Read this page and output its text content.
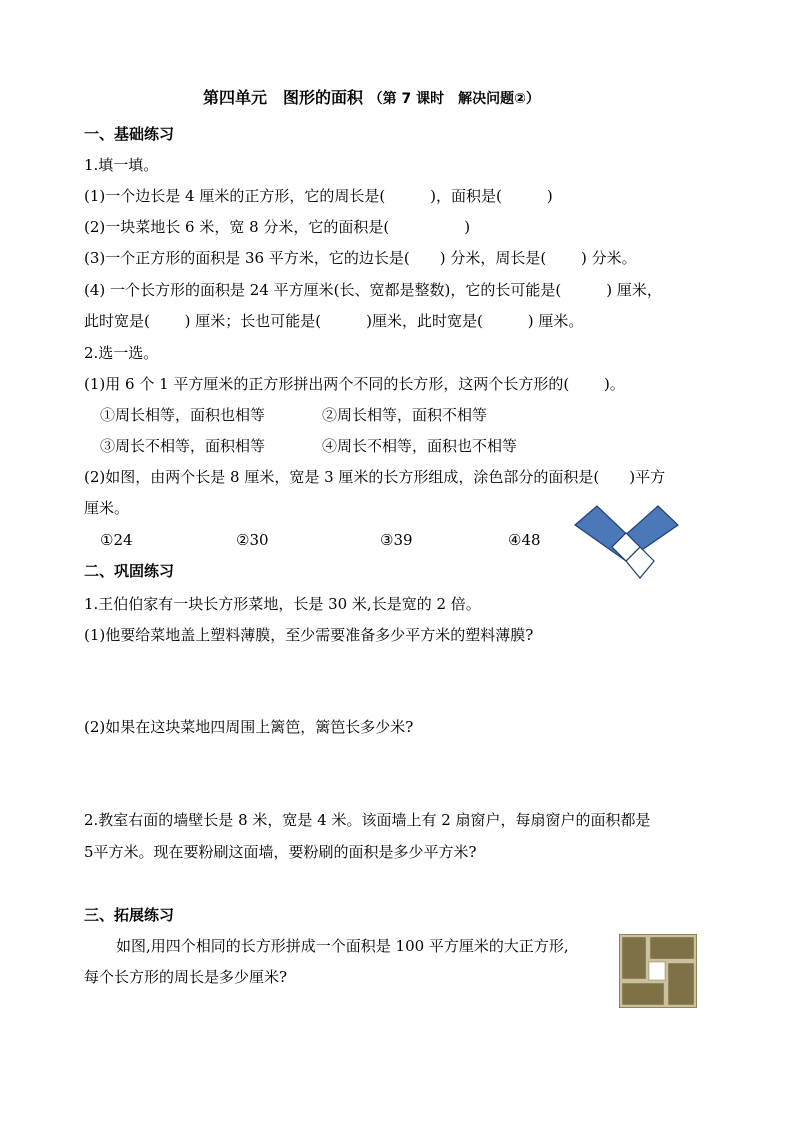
第四单元　图形的面积 （第 7 课时　解决问题②）
一、基础练习
1.填一填。
(1)一个边长是 4 厘米的正方形，它的周长是(　　　)，面积是(　　　)
(2)一块菜地长 6 米，宽 8 分米，它的面积是(　　　　　)
(3)一个正方形的面积是 36 平方米，它的边长是(　　) 分米，周长是(　　 ) 分米。
(4) 一个长方形的面积是 24 平方厘米(长、宽都是整数)，它的长可能是(　　　) 厘米，
此时宽是(　　 ) 厘米；长也可能是(　　　)厘米，此时宽是(　　　) 厘米。
2.选一选。
(1)用 6 个 1 平方厘米的正方形拼出两个不同的长方形，这两个长方形的(　　 )。
①周长相等，面积也相等	②周长相等，面积不相等
③周长不相等，面积相等	④周长不相等，面积也不相等
(2)如图，由两个长是 8 厘米，宽是 3 厘米的长方形组成，涂色部分的面积是(　　)平方
厘米。
①24	②30	③39	④48
二、巩固练习
1.王伯伯家有一块长方形菜地，长是 30 米,长是宽的 2 倍。
(1)他要给菜地盖上塑料薄膜，至少需要准备多少平方米的塑料薄膜?
(2)如果在这块菜地四周围上篱笆，篱笆长多少米?
2.教室右面的墙壁长是 8 米，宽是 4 米。该面墙上有 2 扇窗户，每扇窗户的面积都是
5平方米。现在要粉刷这面墙，要粉刷的面积是多少平方米?
三、拓展练习
如图,用四个相同的长方形拼成一个面积是 100 平方厘米的大正方形,
每个长方形的周长是多少厘米?
